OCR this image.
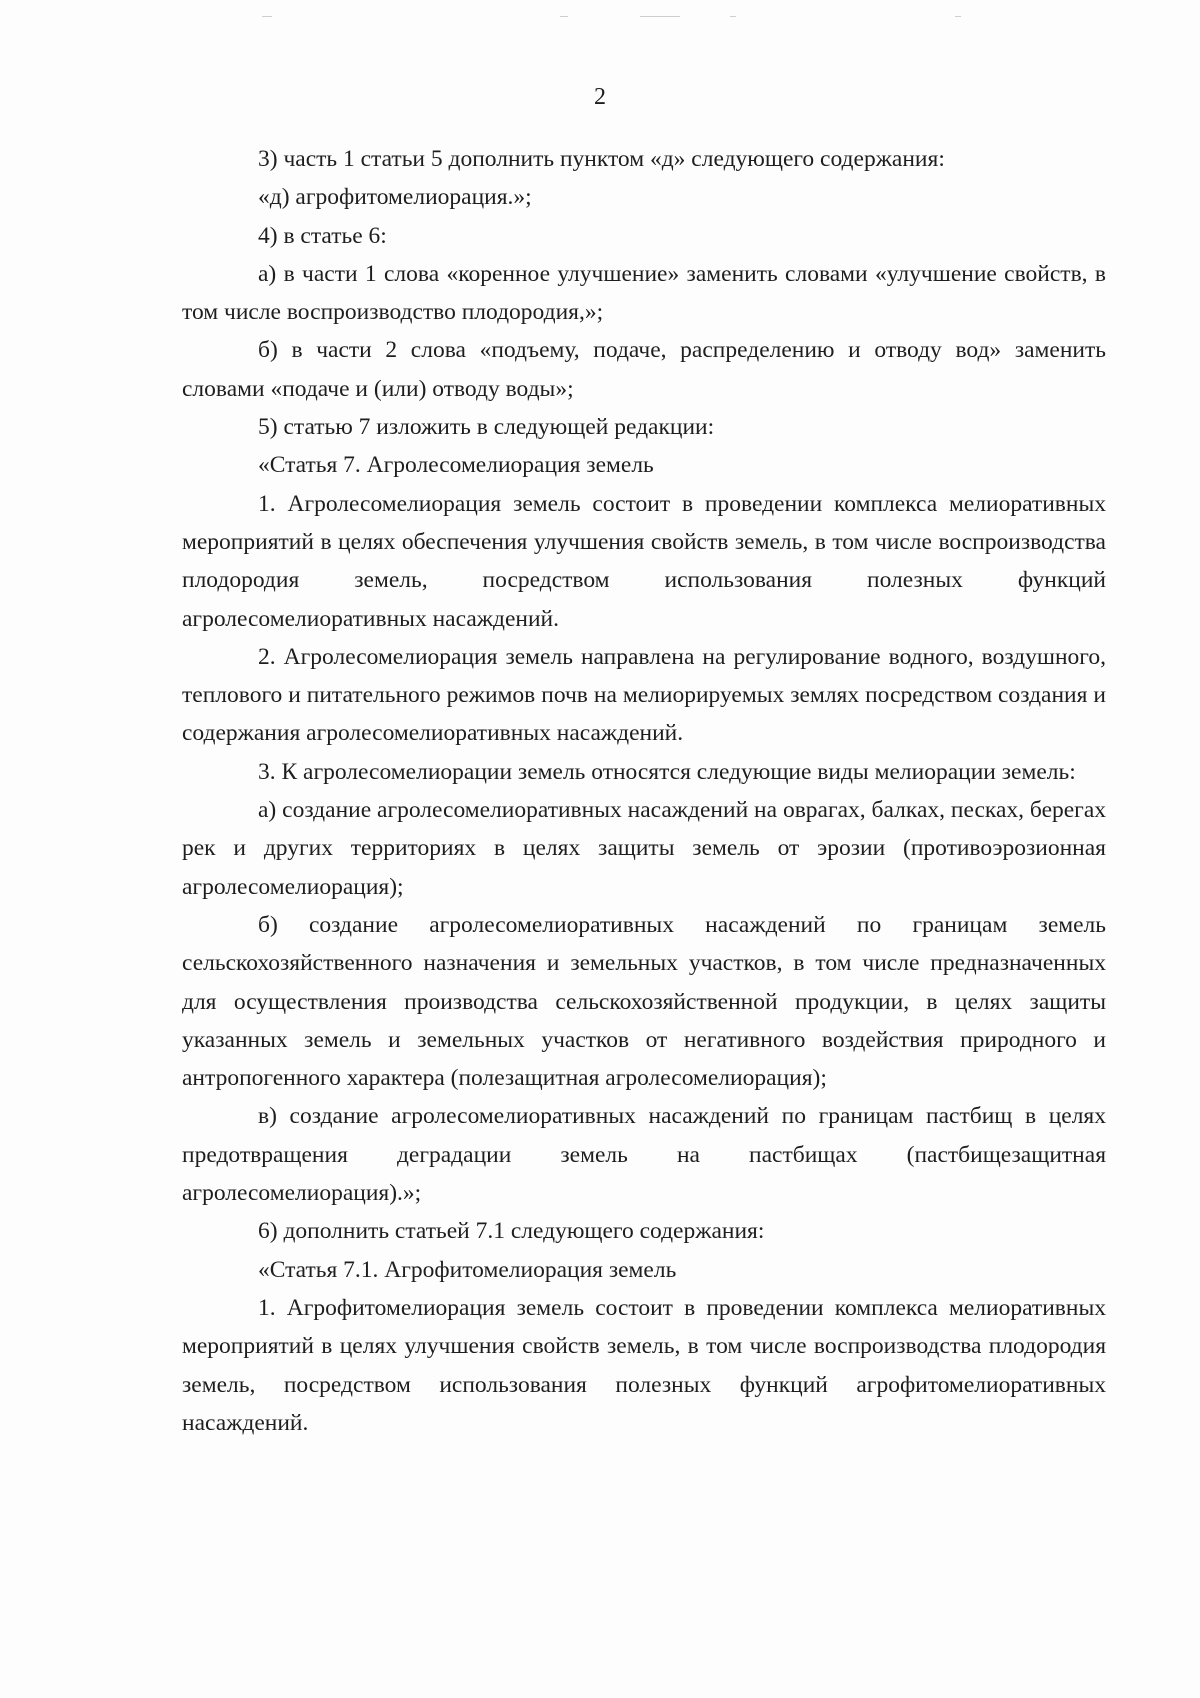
2

3) часть 1 статьи 5 дополнить пунктом «д» следующего содержания:

«д) агрофитомелиорация.»;

4) в статье 6:

а) в части 1 слова «коренное улучшение» заменить словами «улучшение свойств, в том числе воспроизводство плодородия,»;

б) в части 2 слова «подъему, подаче, распределению и отводу вод» заменить словами «подаче и (или) отводу воды»;

5) статью 7 изложить в следующей редакции:

«Статья 7. Агролесомелиорация земель

1. Агролесомелиорация земель состоит в проведении комплекса мелиоративных мероприятий в целях обеспечения улучшения свойств земель, в том числе воспроизводства плодородия земель, посредством использования полезных функций агролесомелиоративных насаждений.

2. Агролесомелиорация земель направлена на регулирование водного, воздушного, теплового и питательного режимов почв на мелиорируемых землях посредством создания и содержания агролесомелиоративных насаждений.

3. К агролесомелиорации земель относятся следующие виды мелиорации земель:

а) создание агролесомелиоративных насаждений на оврагах, балках, песках, берегах рек и других территориях в целях защиты земель от эрозии (противоэрозионная агролесомелиорация);

б) создание агролесомелиоративных насаждений по границам земель сельскохозяйственного назначения и земельных участков, в том числе предназначенных для осуществления производства сельскохозяйственной продукции, в целях защиты указанных земель и земельных участков от негативного воздействия природного и антропогенного характера (полезащитная агролесомелиорация);

в) создание агролесомелиоративных насаждений по границам пастбищ в целях предотвращения деградации земель на пастбищах (пастбищезащитная агролесомелиорация).»;

6) дополнить статьей 7.1 следующего содержания:

«Статья 7.1. Агрофитомелиорация земель

1. Агрофитомелиорация земель состоит в проведении комплекса мелиоративных мероприятий в целях улучшения свойств земель, в том числе воспроизводства плодородия земель, посредством использования полезных функций агрофитомелиоративных насаждений.
